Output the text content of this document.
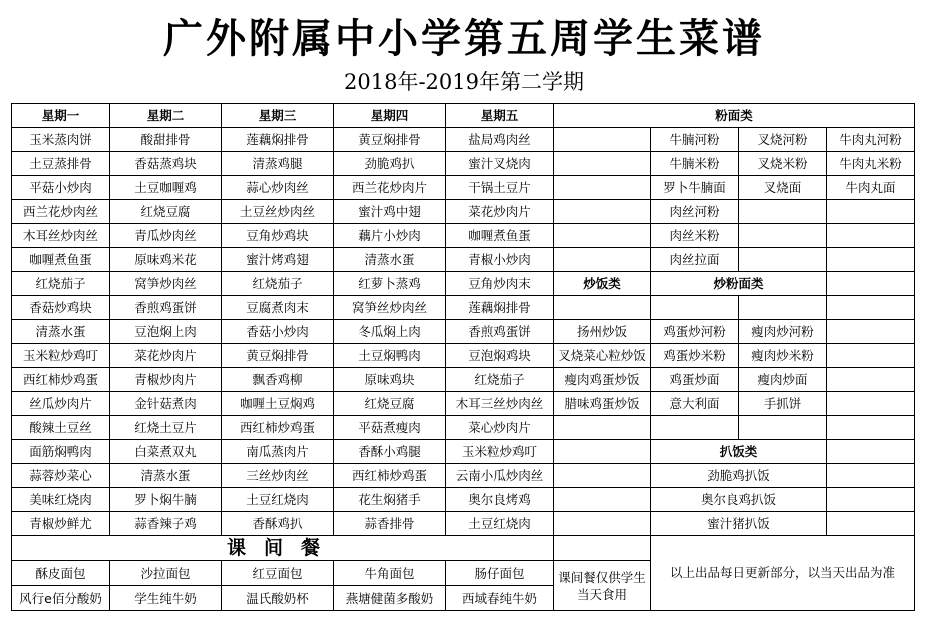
广外附属中小学第五周学生菜谱
2018年-2019年第二学期
星期一	星期二	星期三	星期四	星期五	粉面类			
玉米蒸肉饼	酸甜排骨	莲藕焖排骨	黄豆焖排骨	盐局鸡肉丝		牛腩河粉	叉烧河粉	牛肉丸河粉
土豆蒸排骨	香菇蒸鸡块	清蒸鸡腿	劲脆鸡扒	蜜汁叉烧肉		牛腩米粉	叉烧米粉	牛肉丸米粉
平菇小炒肉	土豆咖喱鸡	蒜心炒肉丝	西兰花炒肉片	干锅土豆片		罗卜牛腩面	叉烧面	牛肉丸面
西兰花炒肉丝	红烧豆腐	土豆丝炒肉丝	蜜汁鸡中翅	菜花炒肉片		肉丝河粉		
木耳丝炒肉丝	青瓜炒肉丝	豆角炒鸡块	藕片小炒肉	咖喱煮鱼蛋		肉丝米粉		
咖喱煮鱼蛋	原味鸡米花	蜜汁烤鸡翅	清蒸水蛋	青椒小炒肉		肉丝拉面		
红烧茄子	窝笋炒肉丝	红烧茄子	红萝卜蒸鸡	豆角炒肉末	炒饭类	炒粉面类		
香菇炒鸡块	香煎鸡蛋饼	豆腐煮肉末	窝笋丝炒肉丝	莲藕焖排骨				
清蒸水蛋	豆泡焖上肉	香菇小炒肉	冬瓜焖上肉	香煎鸡蛋饼	扬州炒饭	鸡蛋炒河粉	瘦肉炒河粉	
玉米粒炒鸡叮	菜花炒肉片	黄豆焖排骨	土豆焖鸭肉	豆泡焖鸡块	叉烧菜心粒炒饭	鸡蛋炒米粉	瘦肉炒米粉	
西红柿炒鸡蛋	青椒炒肉片	飘香鸡柳	原味鸡块	红烧茄子	瘦肉鸡蛋炒饭	鸡蛋炒面	瘦肉炒面	
丝瓜炒肉片	金针菇煮肉	咖喱土豆焖鸡	红烧豆腐	木耳三丝炒肉丝	腊味鸡蛋炒饭	意大利面	手抓饼	
酸辣土豆丝	红烧土豆片	西红柿炒鸡蛋	平菇煮瘦肉	菜心炒肉片				
面筋焖鸭肉	白菜煮双丸	南瓜蒸肉片	香酥小鸡腿	玉米粒炒鸡叮		扒饭类		
蒜蓉炒菜心	清蒸水蛋	三丝炒肉丝	西红柿炒鸡蛋	云南小瓜炒肉丝		劲脆鸡扒饭		
美味红烧肉	罗卜焖牛腩	土豆红烧肉	花生焖猪手	奥尔良烤鸡		奥尔良鸡扒饭		
青椒炒鲜尤	蒜香辣子鸡	香酥鸡扒	蒜香排骨	土豆红烧肉		蜜汁猪扒饭		
课间餐						以上出品每日更新部分，以当天出品为准		
酥皮面包	沙拉面包	红豆面包	牛角面包	肠仔面包	课间餐仅供学生当天食用			
风行e佰分酸奶	学生纯牛奶	温氏酸奶杯	燕塘健菌多酸奶	西域春纯牛奶				
